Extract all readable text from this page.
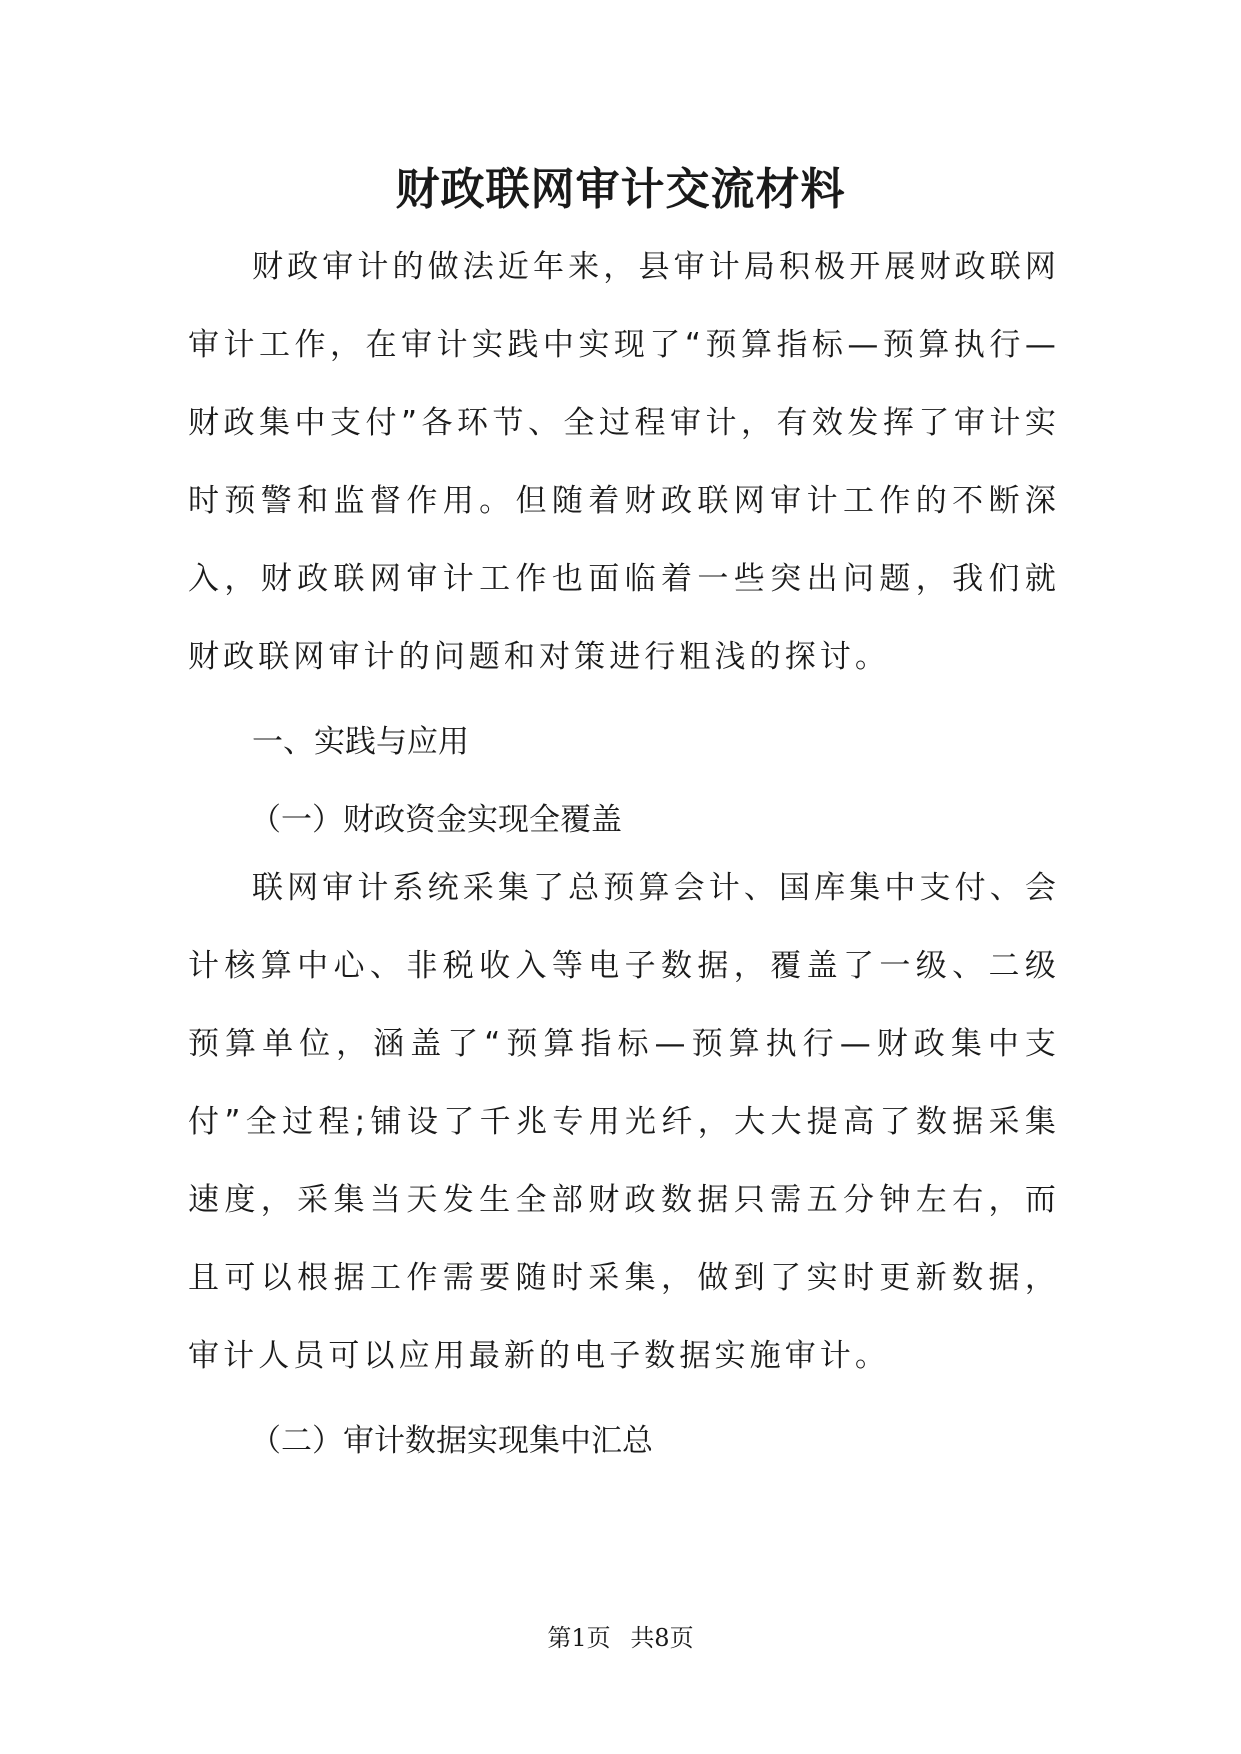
财政联网审计交流材料

财政审计的做法近年来，县审计局积极开展财政联网审计工作，在审计实践中实现了“预算指标—预算执行—财政集中支付”各环节、全过程审计，有效发挥了审计实时预警和监督作用。但随着财政联网审计工作的不断深入，财政联网审计工作也面临着一些突出问题，我们就财政联网审计的问题和对策进行粗浅的探讨。

一、实践与应用
（一）财政资金实现全覆盖

联网审计系统采集了总预算会计、国库集中支付、会计核算中心、非税收入等电子数据，覆盖了一级、二级预算单位，涵盖了“预算指标—预算执行—财政集中支付”全过程;铺设了千兆专用光纤，大大提高了数据采集速度，采集当天发生全部财政数据只需五分钟左右，而且可以根据工作需要随时采集，做到了实时更新数据，审计人员可以应用最新的电子数据实施审计。

（二）审计数据实现集中汇总
第1页 共8页
